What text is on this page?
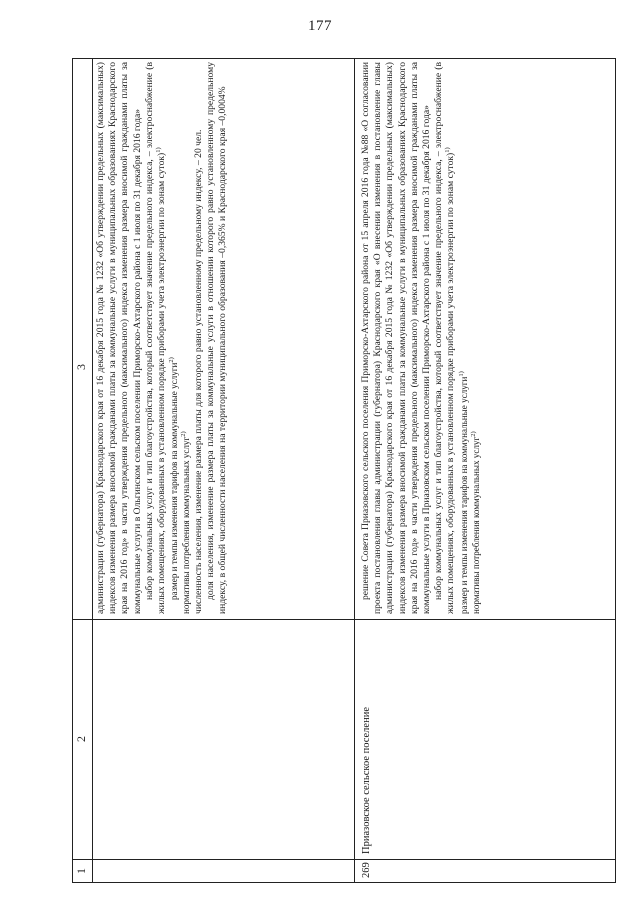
177
1
2
3 администрации (губернатора) Краснодарского края от 16 декабря 2015 года № 1232 «Об утверждении предельных (максимальных) индексов изменения размера вносимой гражданами платы за коммунальные услуги в муниципальных образованиях Краснодарского края на 2016 год» в части утверждения предельного (максимального) индекса изменения размера вносимой гражданами платы за коммунальные услуги в Ольгинском сельском поселении Приморско-Ахтарского района с 1 июля по 31 декабря 2016 года» набор коммунальных услуг и тип благоустройства, который соответствует значение предельного индекса, – электроснабжение (в жилых помещениях, оборудованных в установленном порядке приборами учета электроэнергии по зонам суток)$^{1)}$

размер и темпы изменения тарифов на коммунальные услуги$^{2)}$

нормативы потребления коммунальных услуг$^{2)}$ численность населения, изменение размера платы для которого равно установленному предельному индексу, – 20 чел. доля населения, изменение размера платы за коммунальные услуги в отношении которого равно установленному предельному индексу, в общей численности населения на территории муниципального образования –0,365% и Краснодарского края –0,0004%

269
Приазовское сельское поселение

решение Совета Приазовского сельского поселения Приморско-Ахтарского района от 15 апреля 2016 года №88 «О согласовании проекта постановления главы администрации (губернатора) Краснодарского края «О внесении изменения в постановление главы администрации (губернатора) Краснодарского края от 16 декабря 2015 года № 1232 «Об утверждении предельных (максимальных) индексов изменения размера вносимой гражданами платы за коммунальные услуги в муниципальных образованиях Краснодарского края на 2016 год» в части утверждения предельного (максимального) индекса изменения размера вносимой гражданами платы за коммунальные услуги в Приазовском сельском поселении Приморско-Ахтарского района с 1 июля по 31 декабря 2016 года» набор коммунальных услуг и тип благоустройства, который соответствует значение предельного индекса, – электроснабжение (в жилых помещениях, оборудованных в установленном порядке приборами учета электроэнергии по зонам суток)$^{1)}$

размер и темпы изменения тарифов на коммунальные услуги$^{1)}$

нормативы потребления коммунальных услуг$^{2)}$
